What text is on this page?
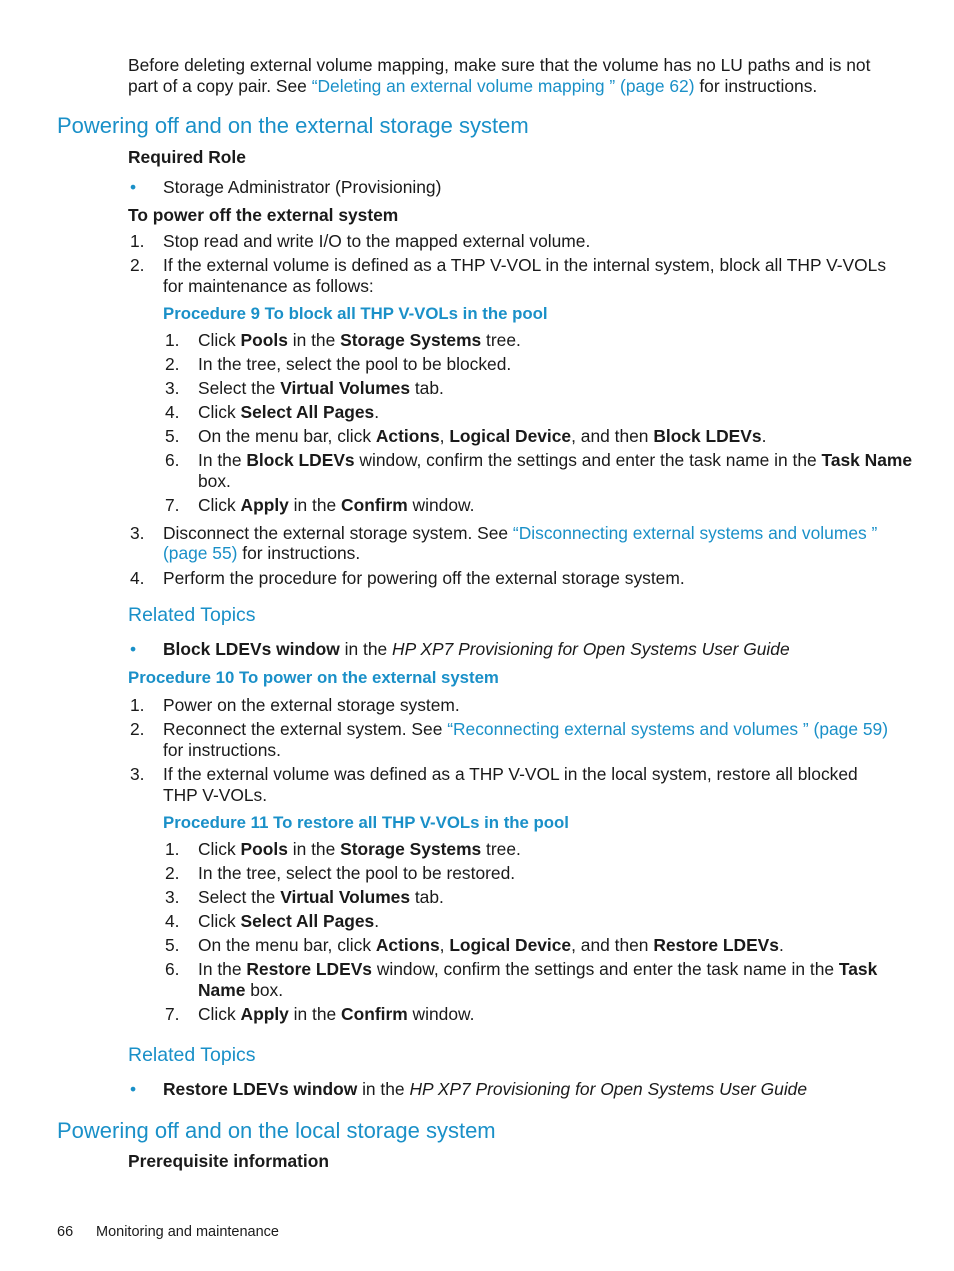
Before deleting external volume mapping, make sure that the volume has no LU paths and is not
part of a copy pair. See “Deleting an external volume mapping ” (page 62) for instructions.
Powering off and on the external storage system
Required Role
• Storage Administrator (Provisioning)
To power off the external system
1. Stop read and write I/O to the mapped external volume.
2. If the external volume is defined as a THP V-VOL in the internal system, block all THP V-VOLs
for maintenance as follows:
Procedure 9 To block all THP V-VOLs in the pool
1. Click Pools in the Storage Systems tree.
2. In the tree, select the pool to be blocked.
3. Select the Virtual Volumes tab.
4. Click Select All Pages.
5. On the menu bar, click Actions, Logical Device, and then Block LDEVs.
6. In the Block LDEVs window, confirm the settings and enter the task name in the Task Name
box.
7. Click Apply in the Confirm window.
3. Disconnect the external storage system. See “Disconnecting external systems and volumes ”
(page 55) for instructions.
4. Perform the procedure for powering off the external storage system.
Related Topics
• Block LDEVs window in the HP XP7 Provisioning for Open Systems User Guide
Procedure 10 To power on the external system
1. Power on the external storage system.
2. Reconnect the external system. See “Reconnecting external systems and volumes ” (page 59)
for instructions.
3. If the external volume was defined as a THP V-VOL in the local system, restore all blocked
THP V-VOLs.
Procedure 11 To restore all THP V-VOLs in the pool
1. Click Pools in the Storage Systems tree.
2. In the tree, select the pool to be restored.
3. Select the Virtual Volumes tab.
4. Click Select All Pages.
5. On the menu bar, click Actions, Logical Device, and then Restore LDEVs.
6. In the Restore LDEVs window, confirm the settings and enter the task name in the Task
Name box.
7. Click Apply in the Confirm window.
Related Topics
• Restore LDEVs window in the HP XP7 Provisioning for Open Systems User Guide
Powering off and on the local storage system
Prerequisite information
66 Monitoring and maintenance
